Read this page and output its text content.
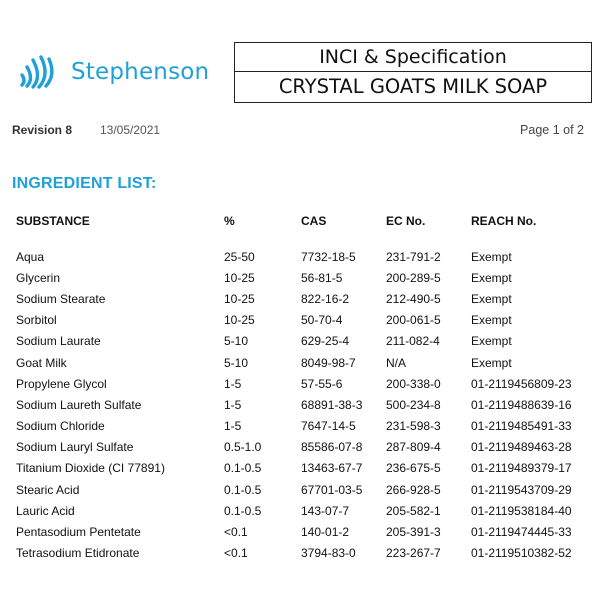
Stephenson
INCI & Specification
CRYSTAL GOATS MILK SOAP
Revision 8 13/05/2021	Page 1 of 2
INGREDIENT LIST:
SUBSTANCE	%	CAS	EC No.	REACH No.

Aqua	25-50	7732-18-5	231-791-2	Exempt
Glycerin	10-25	56-81-5	200-289-5	Exempt
Sodium Stearate	10-25	822-16-2	212-490-5	Exempt
Sorbitol	10-25	50-70-4	200-061-5	Exempt
Sodium Laurate	5-10	629-25-4	211-082-4	Exempt
Goat Milk	5-10	8049-98-7	N/A	Exempt
Propylene Glycol	1-5	57-55-6	200-338-0	01-2119456809-23
Sodium Laureth Sulfate	1-5	68891-38-3	500-234-8	01-2119488639-16
Sodium Chloride	1-5	7647-14-5	231-598-3	01-2119485491-33
Sodium Lauryl Sulfate	0.5-1.0	85586-07-8	287-809-4	01-2119489463-28
Titanium Dioxide (CI 77891)	0.1-0.5	13463-67-7	236-675-5	01-2119489379-17
Stearic Acid	0.1-0.5	67701-03-5	266-928-5	01-2119543709-29
Lauric Acid	0.1-0.5	143-07-7	205-582-1	01-2119538184-40
Pentasodium Pentetate	<0.1	140-01-2	205-391-3	01-2119474445-33
Tetrasodium Etidronate	<0.1	3794-83-0	223-267-7	01-2119510382-52
